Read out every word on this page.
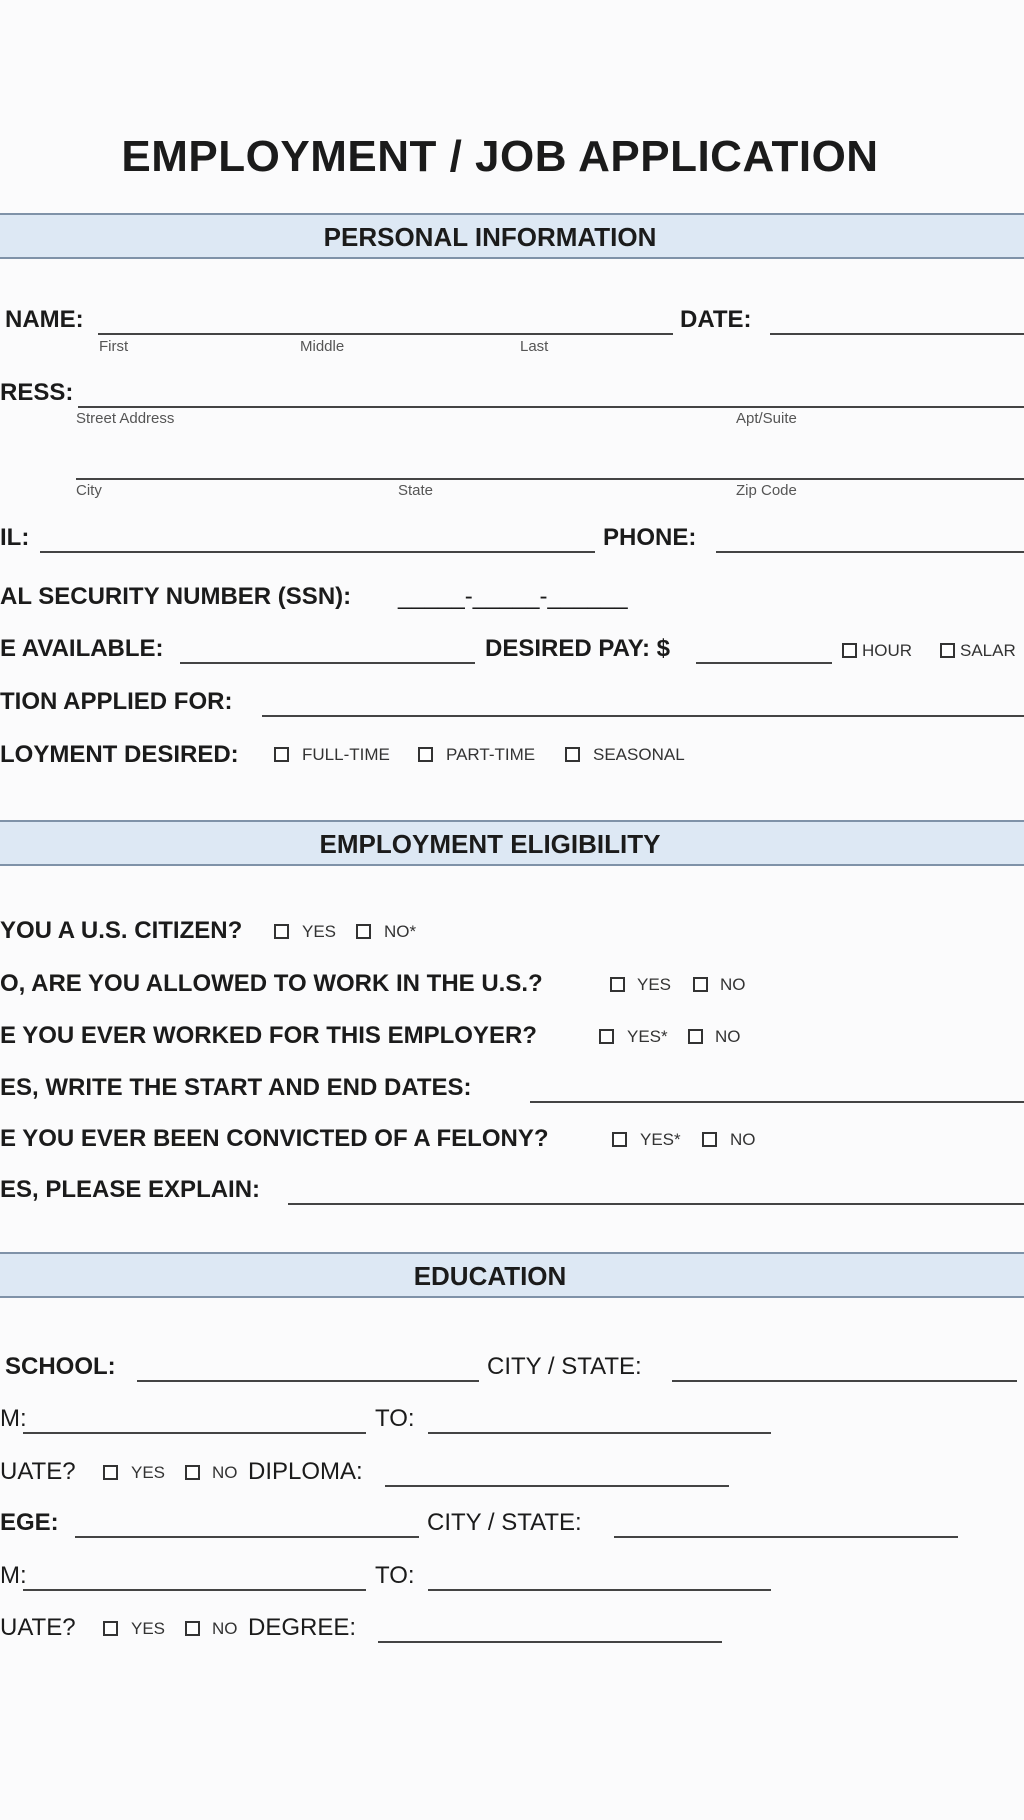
EMPLOYMENT / JOB APPLICATION
PERSONAL INFORMATION
NAME:
First	Middle	Last
DATE:
RESS:
Street Address	Apt/Suite
City	State	Zip Code
IL:	PHONE:
AL SECURITY NUMBER (SSN): _____-_____-______
E AVAILABLE:	DESIRED PAY: $	HOUR	SALAR
TION APPLIED FOR:
LOYMENT DESIRED:	FULL-TIME	PART-TIME	SEASONAL
EMPLOYMENT ELIGIBILITY
YOU A U.S. CITIZEN?	YES	NO*
O, ARE YOU ALLOWED TO WORK IN THE U.S.?	YES	NO
E YOU EVER WORKED FOR THIS EMPLOYER?	YES*	NO
ES, WRITE THE START AND END DATES:
E YOU EVER BEEN CONVICTED OF A FELONY?	YES*	NO
ES, PLEASE EXPLAIN:
EDUCATION
SCHOOL:	CITY / STATE:
M:	TO:
UATE?	YES	NO DIPLOMA:
EGE:	CITY / STATE:
M:	TO:
UATE?	YES	NO DEGREE:
